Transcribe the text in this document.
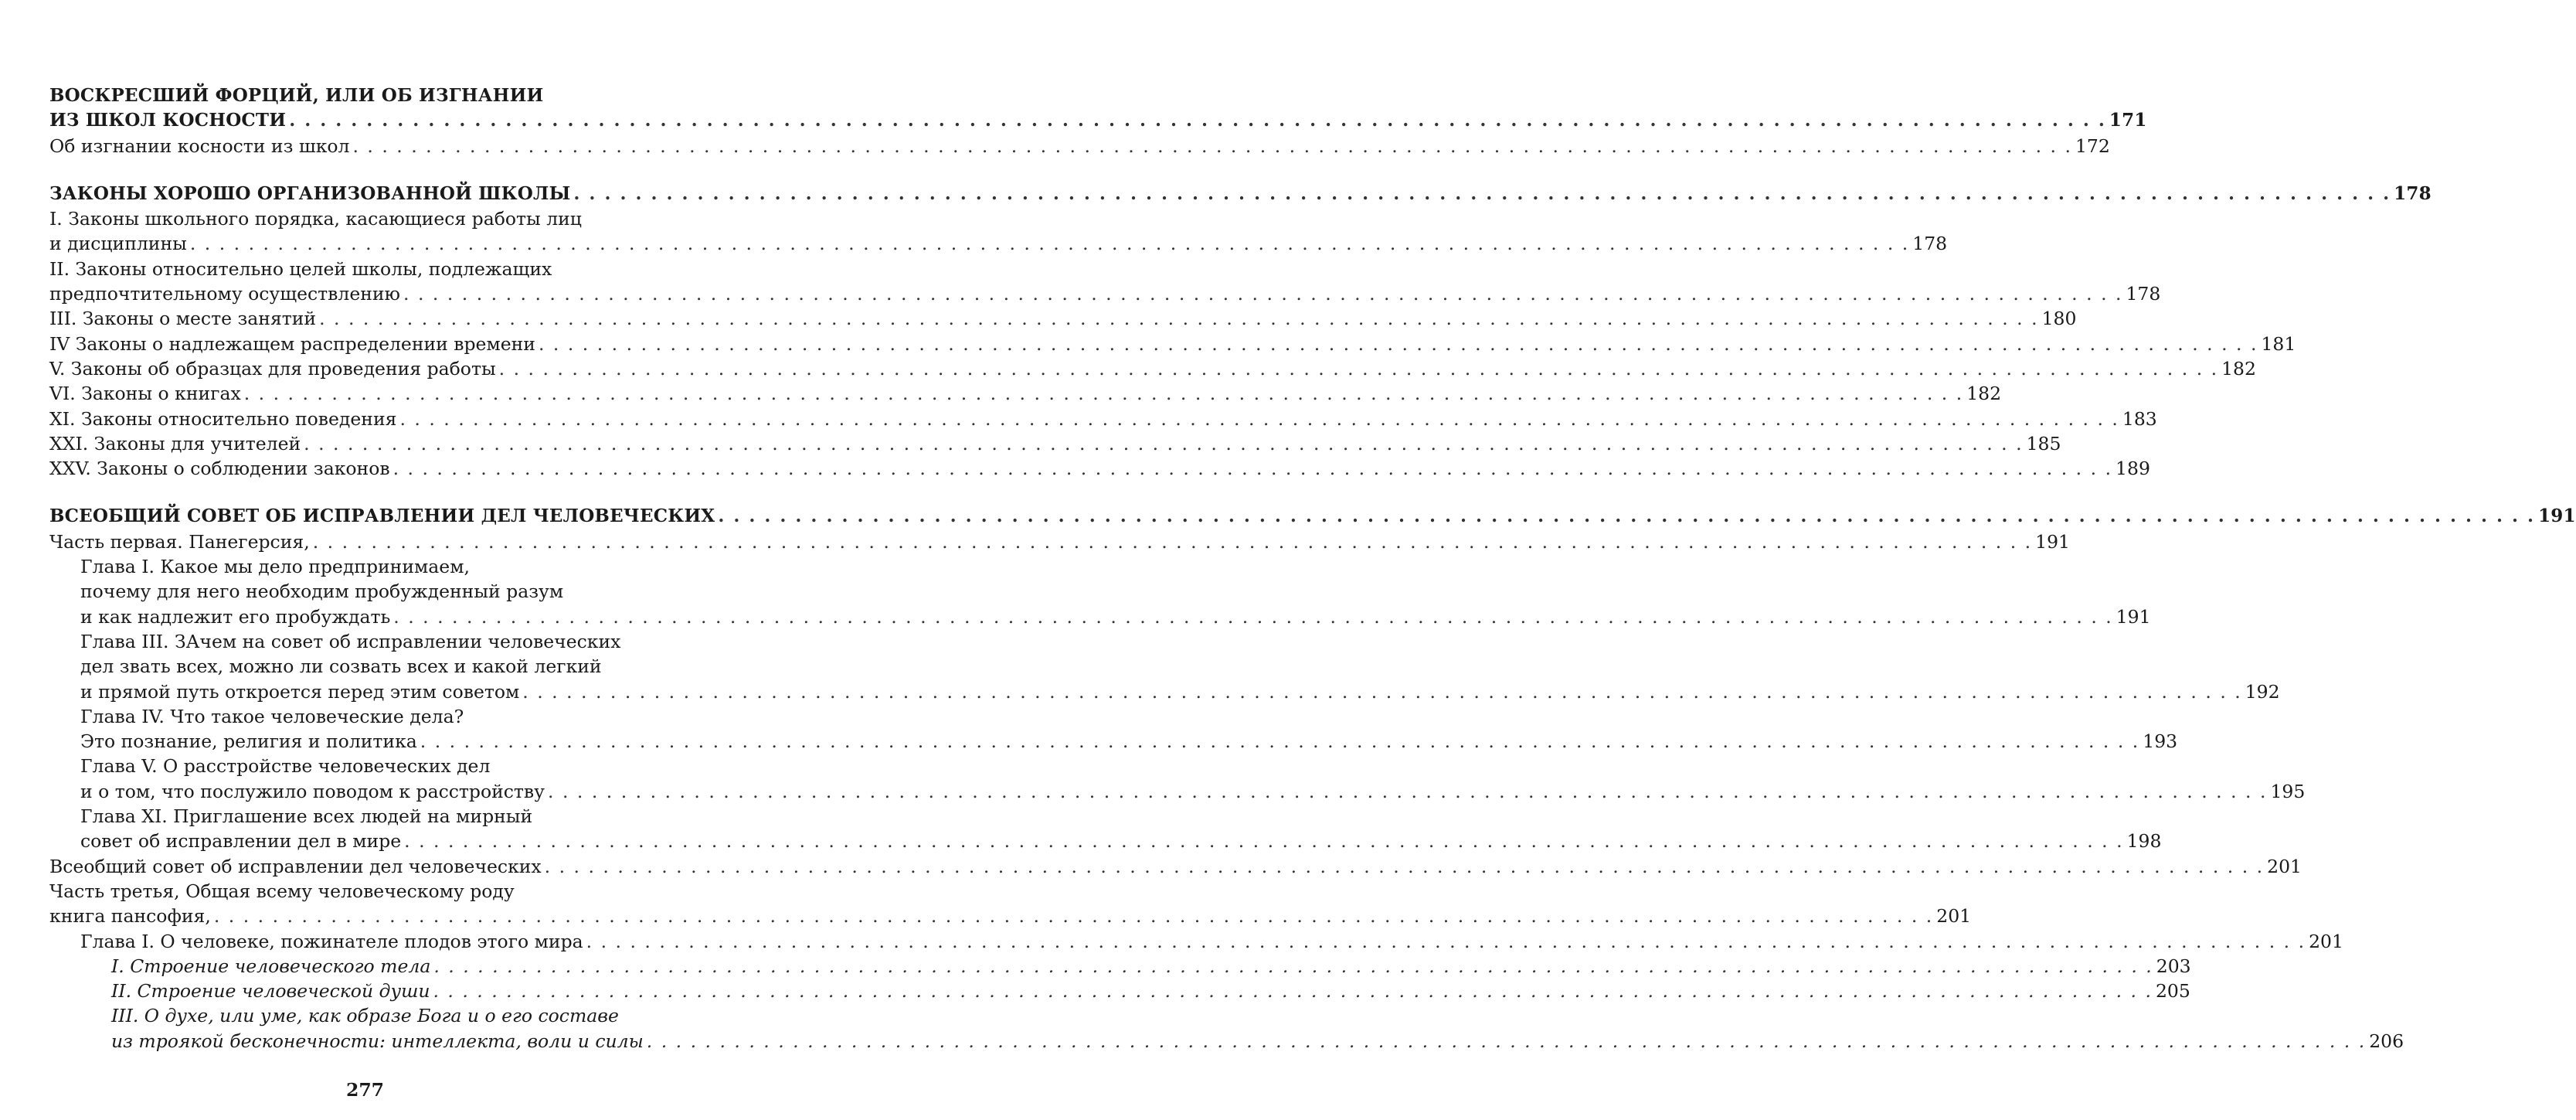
ВОСКРЕСШИЙ ФОРЦИЙ, ИЛИ ОБ ИЗГНАНИИ
ИЗ ШКОЛ КОСНОСТИ . . .	171
Об изгнании косности из школ . . .	172
ЗАКОНЫ ХОРОШО ОРГАНИЗОВАННОЙ ШКОЛЫ . . .	178
I. Законы школьного порядка, касающиеся работы лиц
и дисциплины . . .	178
II. Законы относительно целей школы, подлежащих
предпочтительному осуществлению . . .	178
III. Законы о месте занятий . . .	180
IV Законы о надлежащем распределении времени . . .	181
V. Законы об образцах для проведения работы . . .	182
VI. Законы о книгах . . .	182
XI. Законы относительно поведения . . .	183
XXI. Законы для учителей . . .	185
XXV. Законы о соблюдении законов . . .	189
ВСЕОБЩИЙ СОВЕТ ОБ ИСПРАВЛЕНИИ ДЕЛ ЧЕЛОВЕЧЕСКИХ . . .	191
Часть первая. Панегерсия, . . .	191
Глава I. Какое мы дело предпринимаем,
почему для него необходим пробужденный разум
и как надлежит его пробуждать . . .	191
Глава III. ЗАчем на совет об исправлении человеческих
дел звать всех, можно ли созвать всех и какой легкий
и прямой путь откроется перед этим советом . . .	192
Глава IV. Что такое человеческие дела?
Это познание, религия и политика . . .	193
Глава V. О расстройстве человеческих дел
и о том, что послужило поводом к расстройству . . .	195
Глава XI. Приглашение всех людей на мирный
совет об исправлении дел в мире . . .	198
Всеобщий совет об исправлении дел человеческих . . .	201
Часть третья, Общая всему человеческому роду
книга пансофия, . . .	201
Глава I. О человеке, пожинателе плодов этого мира . . .	201
I. Строение человеческого тела . . .	203
II. Строение человеческой души . . .	205
III. О духе, или уме, как образе Бога и о его составе
из троякой бесконечности: интеллекта, воли и силы . . .	206
277
